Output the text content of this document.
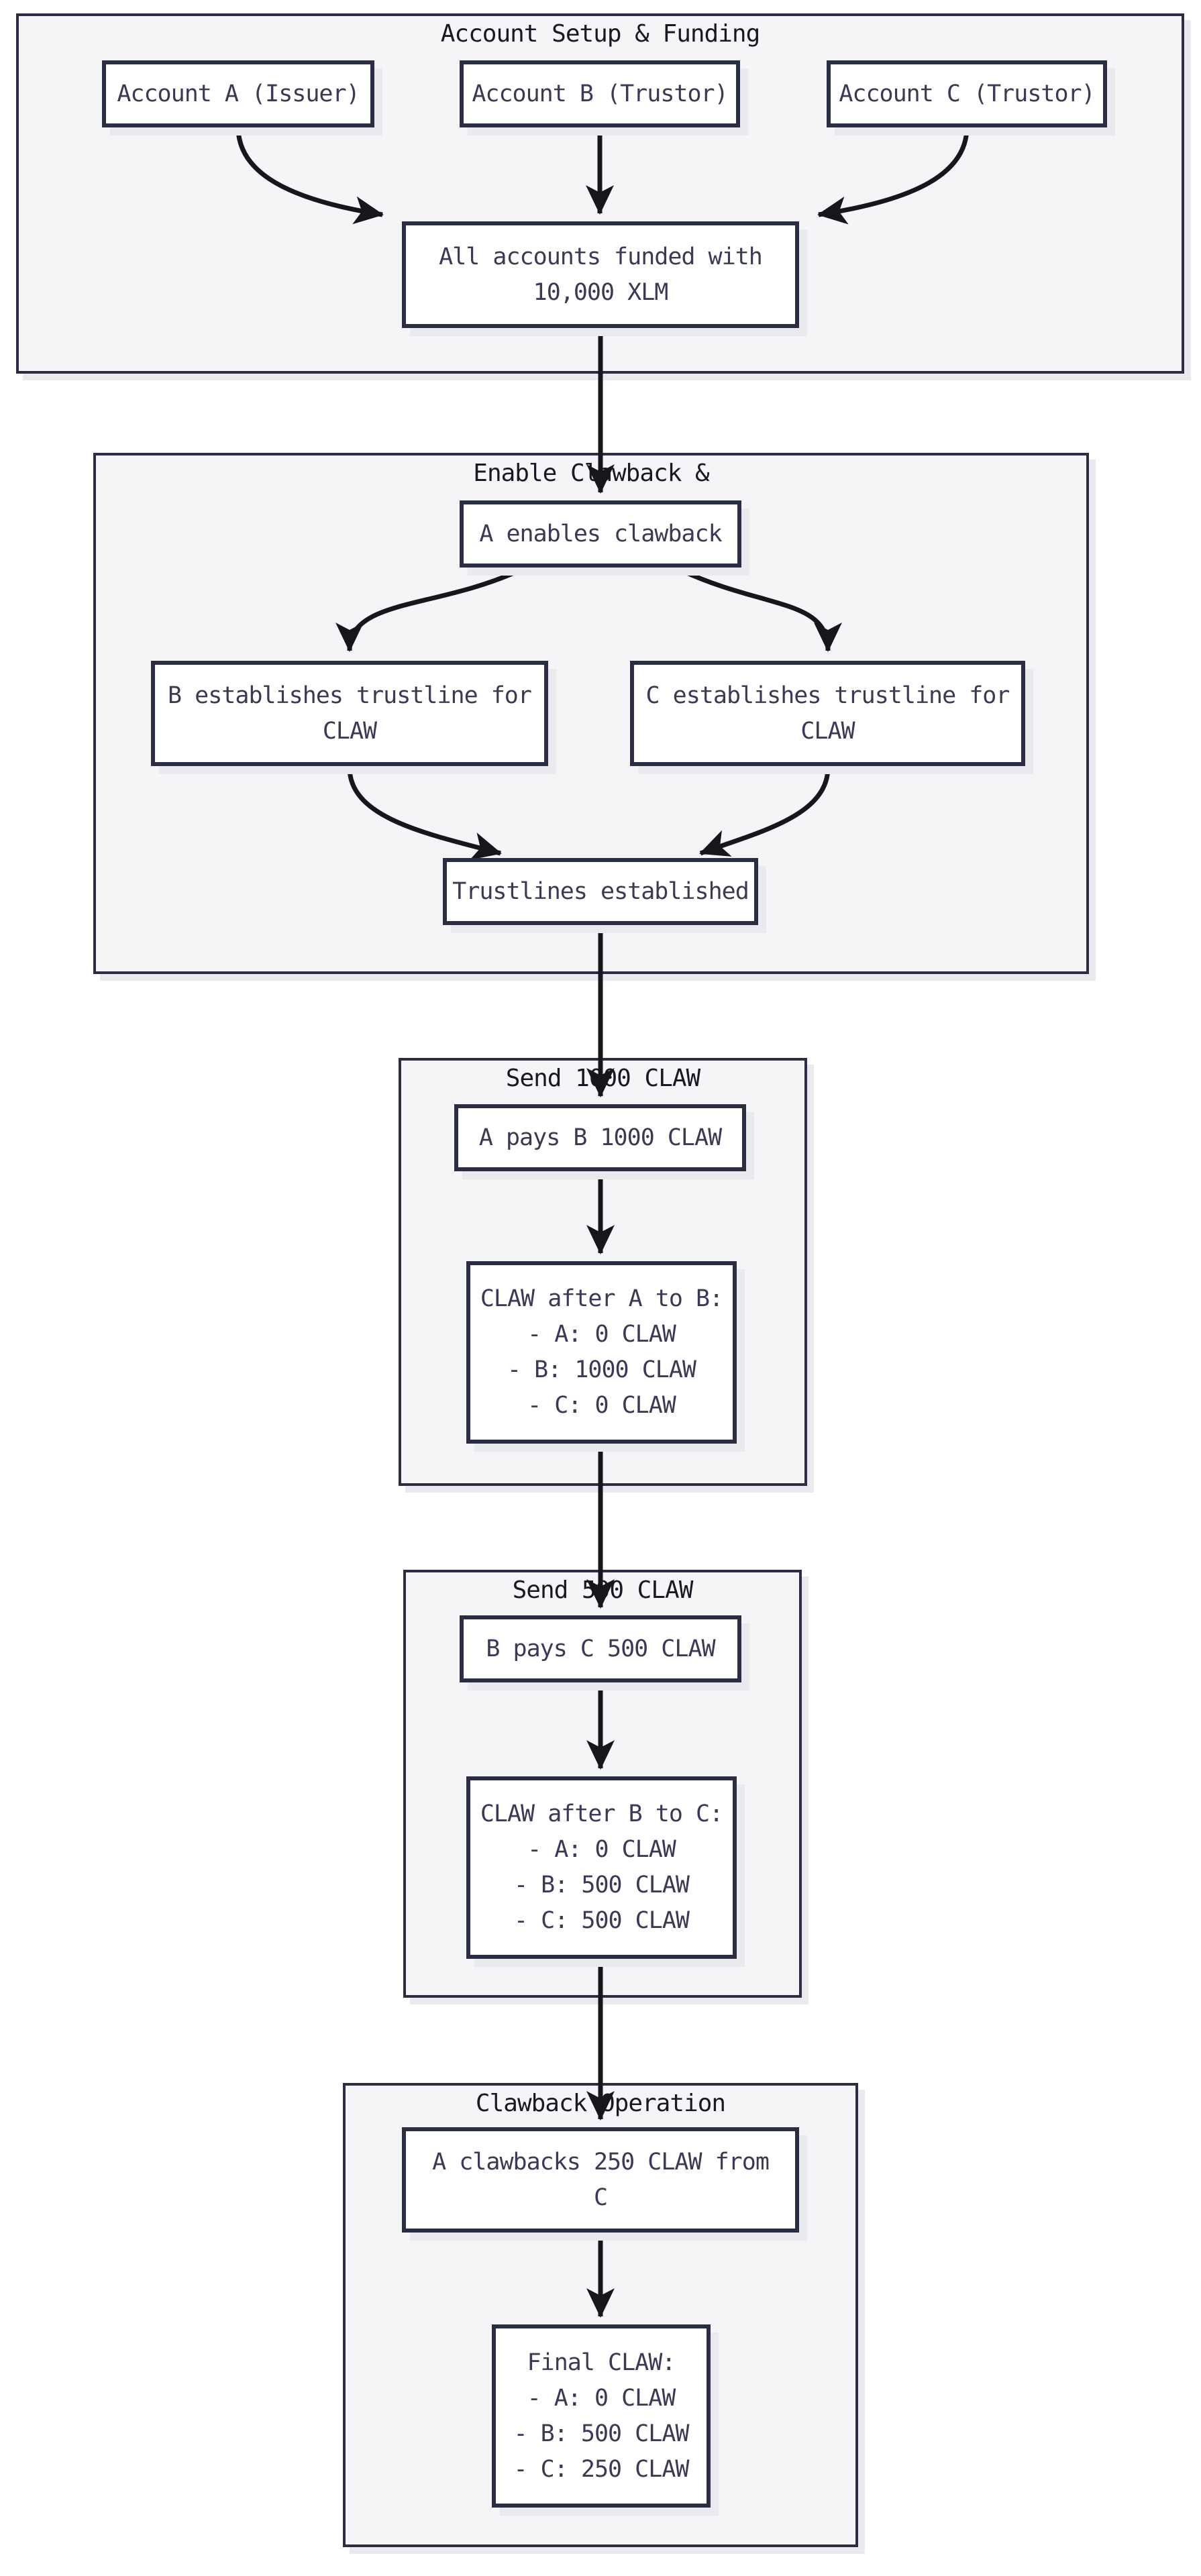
Account Setup & Funding
Enable Clawback &
Send 1000 CLAW
Send 500 CLAW
Clawback Operation
Account A (Issuer)	Account B (Trustor)	Account C (Trustor)
All accounts funded with
10,000 XLM
A enables clawback
B establishes trustline for
CLAW
C establishes trustline for
CLAW
Trustlines established
A pays B 1000 CLAW
CLAW after A to B:
- A: 0 CLAW
- B: 1000 CLAW
- C: 0 CLAW
B pays C 500 CLAW
CLAW after B to C:
- A: 0 CLAW
- B: 500 CLAW
- C: 500 CLAW
A clawbacks 250 CLAW from
C
Final CLAW:
- A: 0 CLAW
- B: 500 CLAW
- C: 250 CLAW
